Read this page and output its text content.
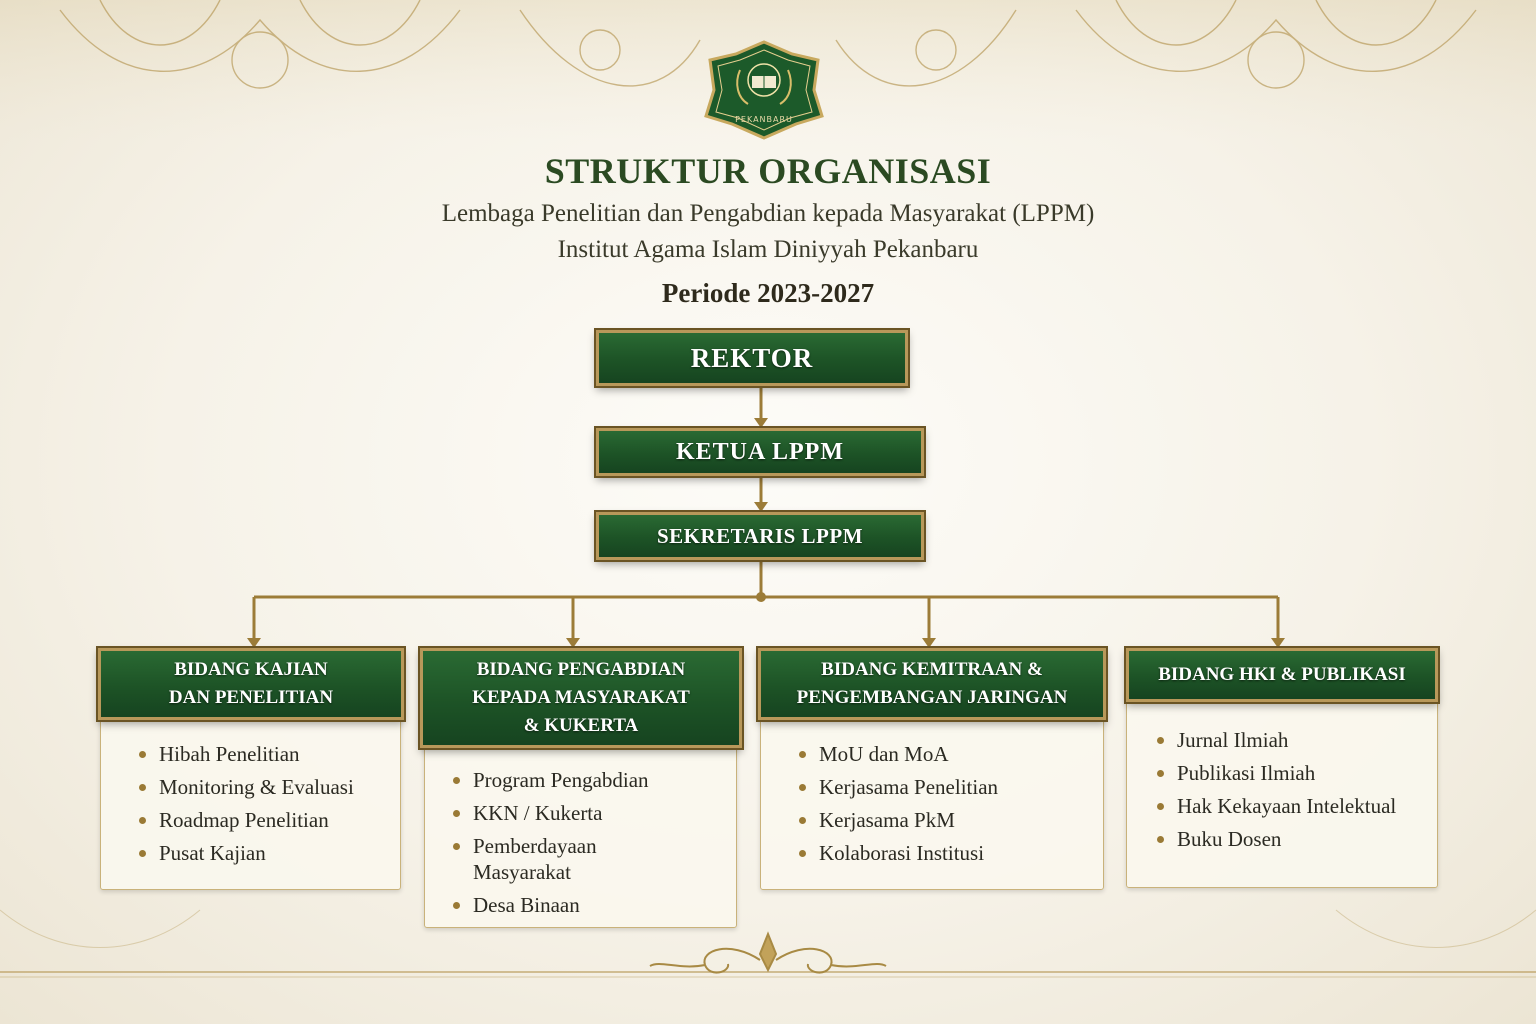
PEKANBARU
STRUKTUR ORGANISASI
Lembaga Penelitian dan Pengabdian kepada Masyarakat (LPPM)
Institut Agama Islam Diniyyah Pekanbaru
Periode 2023-2027
REKTOR
KETUA LPPM
SEKRETARIS LPPM
Hibah Penelitian
Monitoring & Evaluasi
Roadmap Penelitian
Pusat Kajian
BIDANG KAJIAN
DAN PENELITIAN
Program Pengabdian
KKN / Kukerta
Pemberdayaan Masyarakat
Desa Binaan
BIDANG PENGABDIAN
KEPADA MASYARAKAT
& KUKERTA
MoU dan MoA
Kerjasama Penelitian
Kerjasama PkM
Kolaborasi Institusi
BIDANG KEMITRAAN &
PENGEMBANGAN JARINGAN
Jurnal Ilmiah
Publikasi Ilmiah
Hak Kekayaan Intelektual
Buku Dosen
BIDANG HKI & PUBLIKASI
